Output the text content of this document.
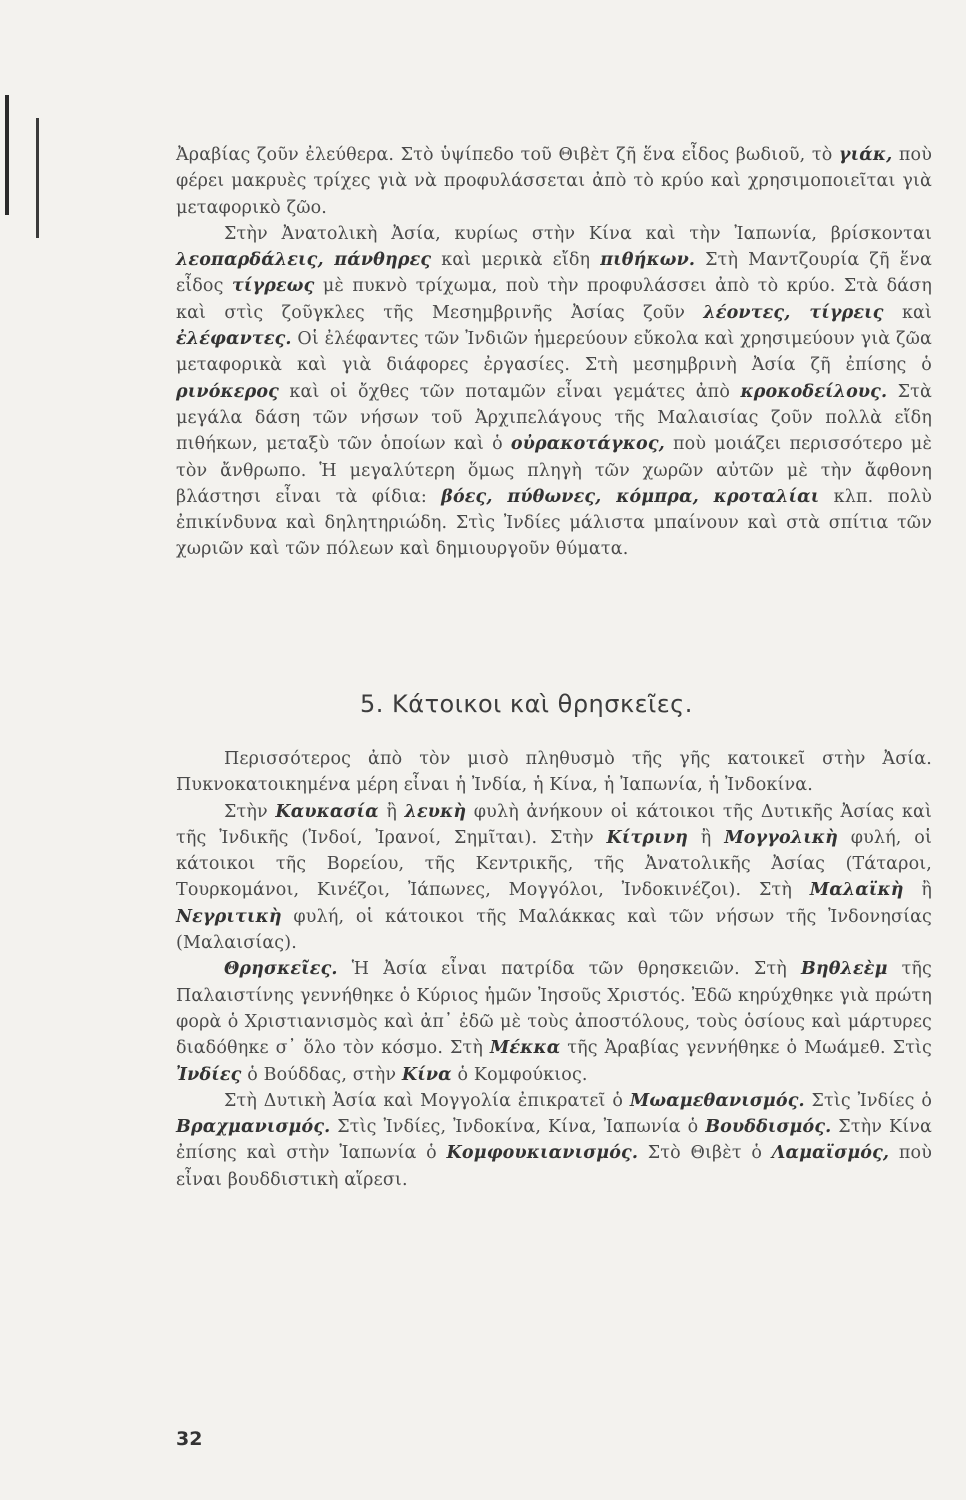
Ἀραβίας ζοῦν ἐλεύθερα. Στὸ ὑψίπεδο τοῦ Θιβὲτ ζῆ ἕνα εἶδος βωδιοῦ, τὸ γιάκ, ποὺ φέρει μακρυὲς τρίχες γιὰ νὰ προφυλάσσεται ἀπὸ τὸ κρύο καὶ χρησιμοποιεῖται γιὰ μεταφορικὸ ζῶο.

Στὴν Ἀνατολικὴ Ἀσία, κυρίως στὴν Κίνα καὶ τὴν Ἰαπωνία, βρίσκονται λεοπαρδάλεις, πάνθηρες καὶ μερικὰ εἴδη πιθήκων. Στὴ Μαντζουρία ζῆ ἕνα εἶδος τίγρεως μὲ πυκνὸ τρίχωμα, ποὺ τὴν προφυλάσσει ἀπὸ τὸ κρύο. Στὰ δάση καὶ στὶς ζοῦγκλες τῆς Μεσημβρινῆς Ἀσίας ζοῦν λέοντες, τίγρεις καὶ ἐλέφαντες. Οἱ ἐλέφαντες τῶν Ἰνδιῶν ἡμερεύουν εὔκολα καὶ χρησιμεύουν γιὰ ζῶα μεταφορικὰ καὶ γιὰ διάφορες ἐργασίες. Στὴ μεσημβρινὴ Ἀσία ζῆ ἐπίσης ὁ ρινόκερος καὶ οἱ ὄχθες τῶν ποταμῶν εἶναι γεμάτες ἀπὸ κροκοδείλους. Στὰ μεγάλα δάση τῶν νήσων τοῦ Ἀρχιπελάγους τῆς Μαλαισίας ζοῦν πολλὰ εἴδη πιθήκων, μεταξὺ τῶν ὁποίων καὶ ὁ οὐρακοτάγκος, ποὺ μοιάζει περισσότερο μὲ τὸν ἄνθρωπο. Ἡ μεγαλύτερη ὅμως πληγὴ τῶν χωρῶν αὐτῶν μὲ τὴν ἄφθονη βλάστησι εἶναι τὰ φίδια: βόες, πύθωνες, κόμπρα, κροταλίαι κλπ. πολὺ ἐπικίνδυνα καὶ δηλητηριώδη. Στὶς Ἰνδίες μάλιστα μπαίνουν καὶ στὰ σπίτια τῶν χωριῶν καὶ τῶν πόλεων καὶ δημιουργοῦν θύματα.

5. Κάτοικοι καὶ θρησκεῖες.

Περισσότερος ἀπὸ τὸν μισὸ πληθυσμὸ τῆς γῆς κατοικεῖ στὴν Ἀσία. Πυκνοκατοικημένα μέρη εἶναι ἡ Ἰνδία, ἡ Κίνα, ἡ Ἰαπωνία, ἡ Ἰνδοκίνα.

Στὴν Καυκασία ἢ λευκὴ φυλὴ ἀνήκουν οἱ κάτοικοι τῆς Δυτικῆς Ἀσίας καὶ τῆς Ἰνδικῆς (Ἰνδοί, Ἰρανοί, Σημῖται). Στὴν Κίτρινη ἢ Μογγολικὴ φυλή, οἱ κάτοικοι τῆς Βορείου, τῆς Κεντρικῆς, τῆς Ἀνατολικῆς Ἀσίας (Τάταροι, Τουρκομάνοι, Κινέζοι, Ἰάπωνες, Μογγόλοι, Ἰνδοκινέζοι). Στὴ Μαλαϊκὴ ἢ Νεγριτικὴ φυλή, οἱ κάτοικοι τῆς Μαλάκκας καὶ τῶν νήσων τῆς Ἰνδονησίας (Μαλαισίας).

Θρησκεῖες. Ἡ Ἀσία εἶναι πατρίδα τῶν θρησκειῶν. Στὴ Βηθλεὲμ τῆς Παλαιστίνης γεννήθηκε ὁ Κύριος ἡμῶν Ἰησοῦς Χριστός. Ἐδῶ κηρύχθηκε γιὰ πρώτη φορὰ ὁ Χριστιανισμὸς καὶ ἀπ᾽ ἐδῶ μὲ τοὺς ἀποστόλους, τοὺς ὁσίους καὶ μάρτυρες διαδόθηκε σ᾽ ὅλο τὸν κόσμο. Στὴ Μέκκα τῆς Ἀραβίας γεννήθηκε ὁ Μωάμεθ. Στὶς Ἰνδίες ὁ Βούδδας, στὴν Κίνα ὁ Κομφούκιος.

Στὴ Δυτικὴ Ἀσία καὶ Μογγολία ἐπικρατεῖ ὁ Μωαμεθανισμός. Στὶς Ἰνδίες ὁ Βραχμανισμός. Στὶς Ἰνδίες, Ἰνδοκίνα, Κίνα, Ἰαπωνία ὁ Βουδδισμός. Στὴν Κίνα ἐπίσης καὶ στὴν Ἰαπωνία ὁ Κομφουκιανισμός. Στὸ Θιβὲτ ὁ Λαμαϊσμός, ποὺ εἶναι βουδδιστικὴ αἵρεσι.

32
